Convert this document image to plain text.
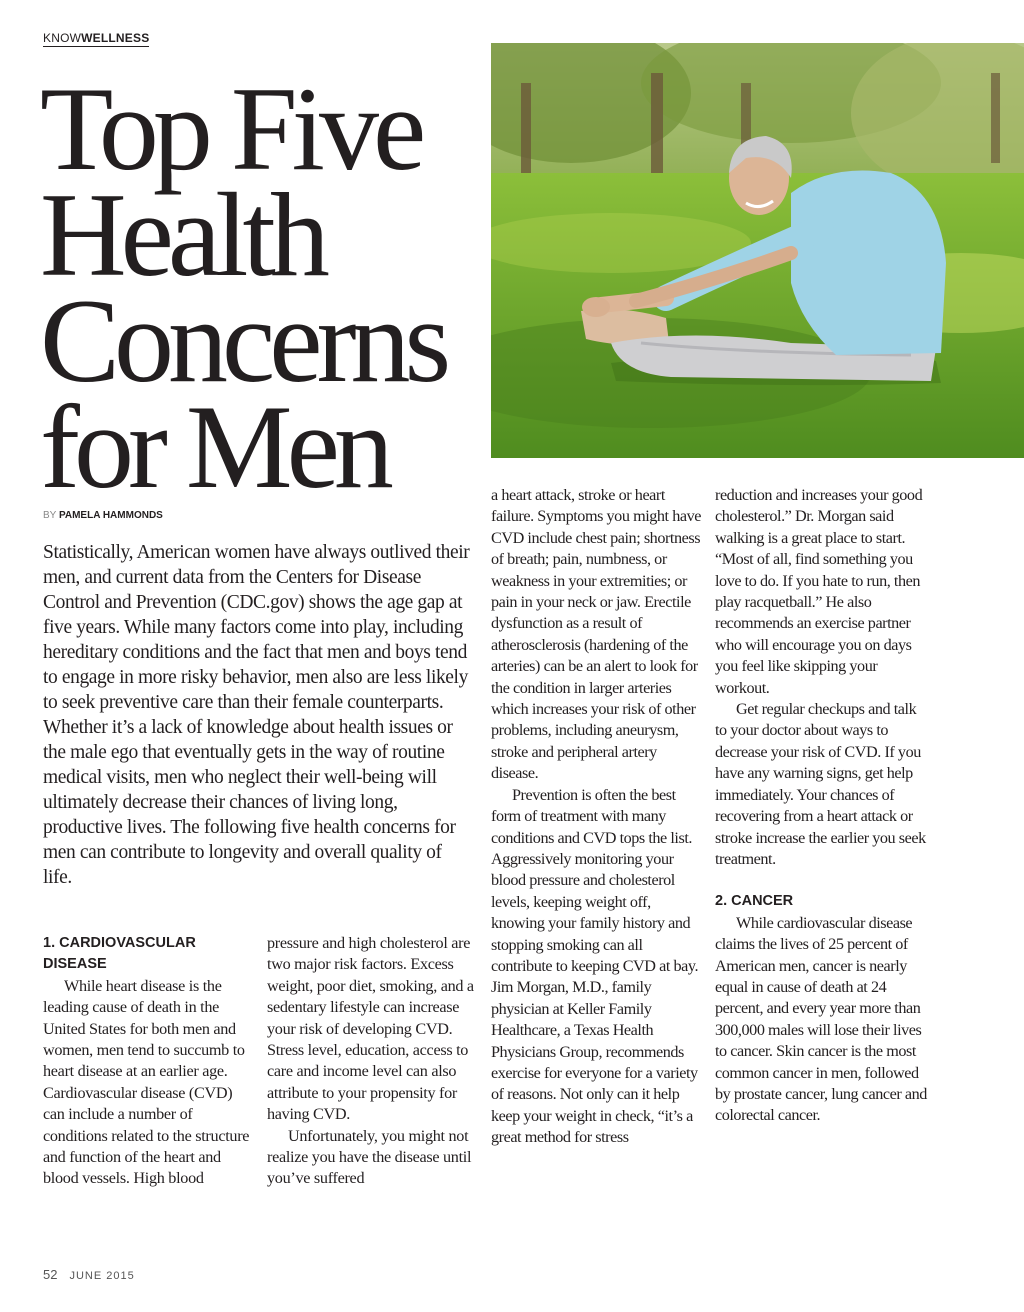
KNOWWELLNESS
Top Five
Health
Concerns
for Men
BY PAMELA HAMMONDS

Statistically, American women have always outlived their men, and current data from the Centers for Disease Control and Prevention (CDC.gov) shows the age gap at five years. While many factors come into play, including hereditary conditions and the fact that men and boys tend to engage in more risky behavior, men also are less likely to seek preventive care than their female counterparts. Whether it’s a lack of knowledge about health issues or the male ego that eventually gets in the way of routine medical visits, men who neglect their well-being will ultimately decrease their chances of living long, productive lives. The following five health concerns for men can contribute to longevity and overall quality of life.

1. CARDIOVASCULAR DISEASE

While heart disease is the leading cause of death in the United States for both men and women, men tend to succumb to heart disease at an earlier age. Cardiovascular disease (CVD) can include a number of conditions related to the structure and function of the heart and blood vessels. High blood

pressure and high cholesterol are two major risk factors. Excess weight, poor diet, smoking, and a sedentary lifestyle can increase your risk of developing CVD. Stress level, education, access to care and income level can also attribute to your propensity for having CVD.

Unfortunately, you might not realize you have the disease until you’ve suffered

a heart attack, stroke or heart failure. Symptoms you might have CVD include chest pain; shortness of breath; pain, numbness, or weakness in your extremities; or pain in your neck or jaw. Erectile dysfunction as a result of atherosclerosis (hardening of the arteries) can be an alert to look for the condition in larger arteries which increases your risk of other problems, including aneurysm, stroke and peripheral artery disease.

Prevention is often the best form of treatment with many conditions and CVD tops the list. Aggressively monitoring your blood pressure and cholesterol levels, keeping weight off, knowing your family history and stopping smoking can all contribute to keeping CVD at bay. Jim Morgan, M.D., family physician at Keller Family Healthcare, a Texas Health Physicians Group, recommends exercise for everyone for a variety of reasons. Not only can it help keep your weight in check, “it’s a great method for stress

reduction and increases your good cholesterol.” Dr. Morgan said walking is a great place to start. “Most of all, find something you love to do. If you hate to run, then play racquetball.” He also recommends an exercise partner who will encourage you on days you feel like skipping your workout.

Get regular checkups and talk to your doctor about ways to decrease your risk of CVD. If you have any warning signs, get help immediately. Your chances of recovering from a heart attack or stroke increase the earlier you seek treatment.

2. CANCER

While cardiovascular disease claims the lives of 25 percent of American men, cancer is nearly equal in cause of death at 24 percent, and every year more than 300,000 males will lose their lives to cancer. Skin cancer is the most common cancer in men, followed by prostate cancer, lung cancer and colorectal cancer.

52 JUNE 2015
